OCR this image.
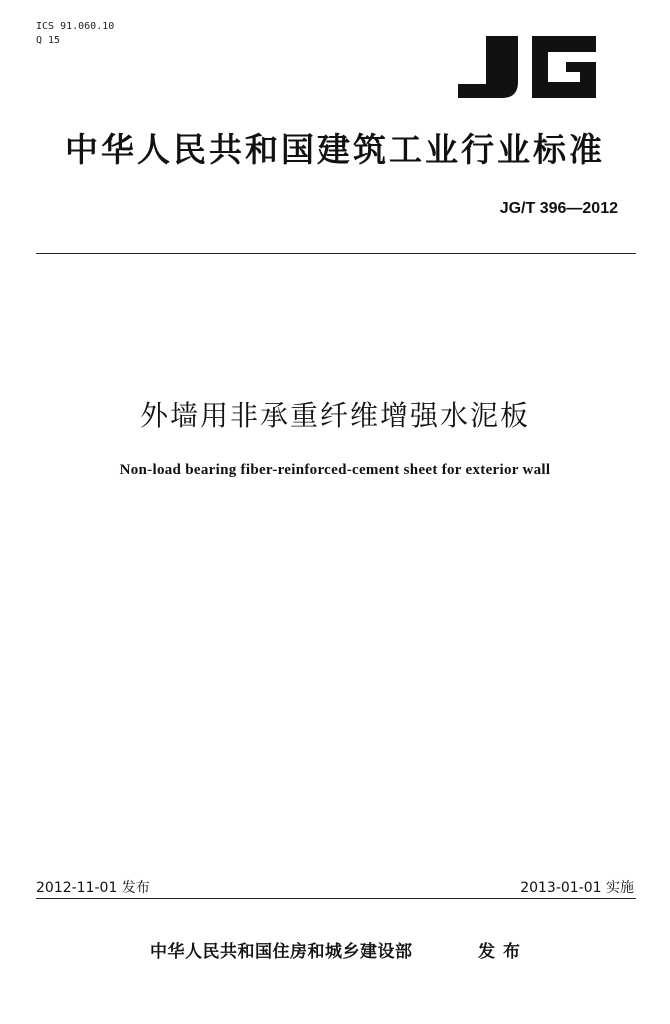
ICS 91.060.10
Q 15
中华人民共和国建筑工业行业标准
JG/T 396—2012
外墙用非承重纤维增强水泥板
Non-load bearing fiber-reinforced-cement sheet for exterior wall
2012-11-01 发布	2013-01-01 实施
中华人民共和国住房和城乡建设部	发布
